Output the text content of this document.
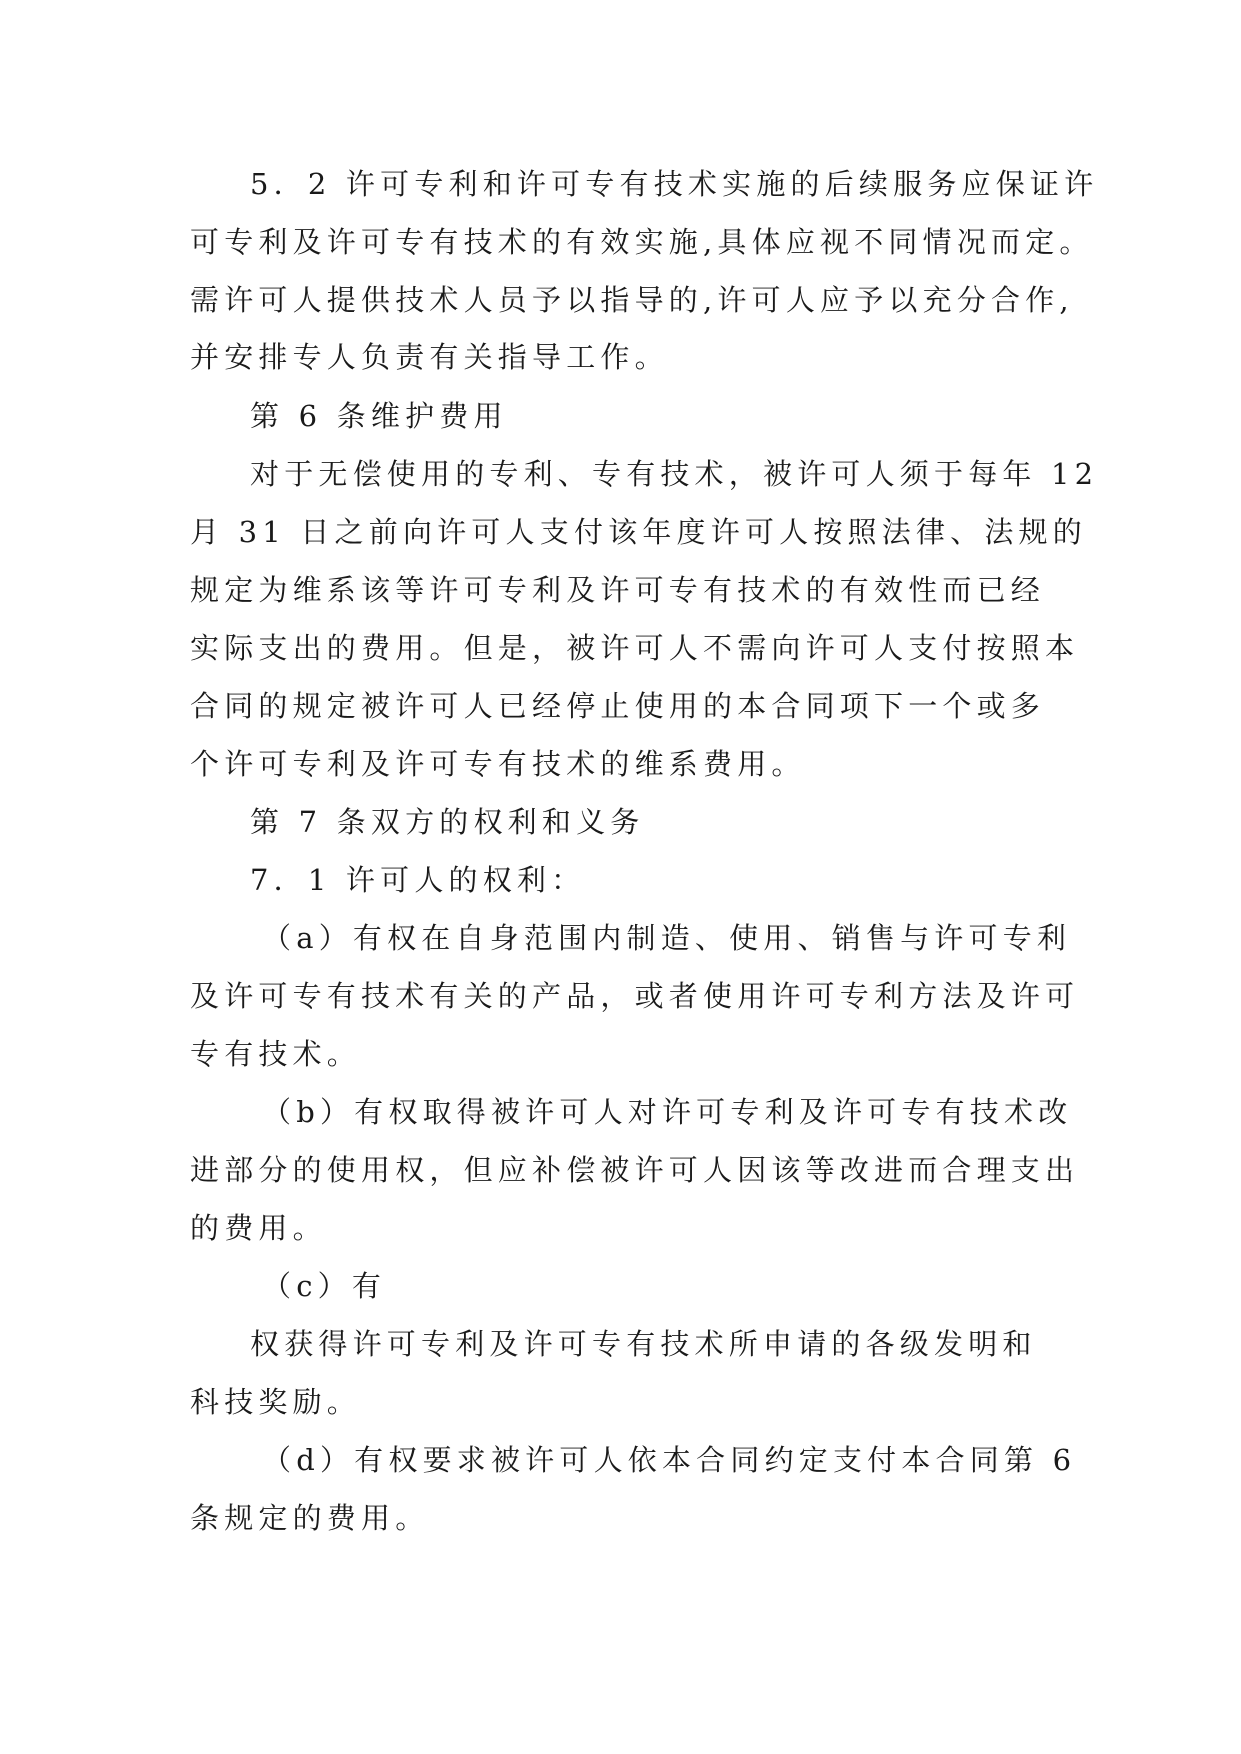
5．2 许可专利和许可专有技术实施的后续服务应保证许
可专利及许可专有技术的有效实施,具体应视不同情况而定。
需许可人提供技术人员予以指导的,许可人应予以充分合作,
并安排专人负责有关指导工作。
第 6 条维护费用
对于无偿使用的专利、专有技术，被许可人须于每年 12
月 31 日之前向许可人支付该年度许可人按照法律、法规的
规定为维系该等许可专利及许可专有技术的有效性而已经
实际支出的费用。但是，被许可人不需向许可人支付按照本
合同的规定被许可人已经停止使用的本合同项下一个或多
个许可专利及许可专有技术的维系费用。
第 7 条双方的权利和义务
7．1 许可人的权利：
（a）有权在自身范围内制造、使用、销售与许可专利
及许可专有技术有关的产品，或者使用许可专利方法及许可
专有技术。
（b）有权取得被许可人对许可专利及许可专有技术改
进部分的使用权，但应补偿被许可人因该等改进而合理支出
的费用。
（c）有
权获得许可专利及许可专有技术所申请的各级发明和
科技奖励。
（d）有权要求被许可人依本合同约定支付本合同第 6
条规定的费用。
